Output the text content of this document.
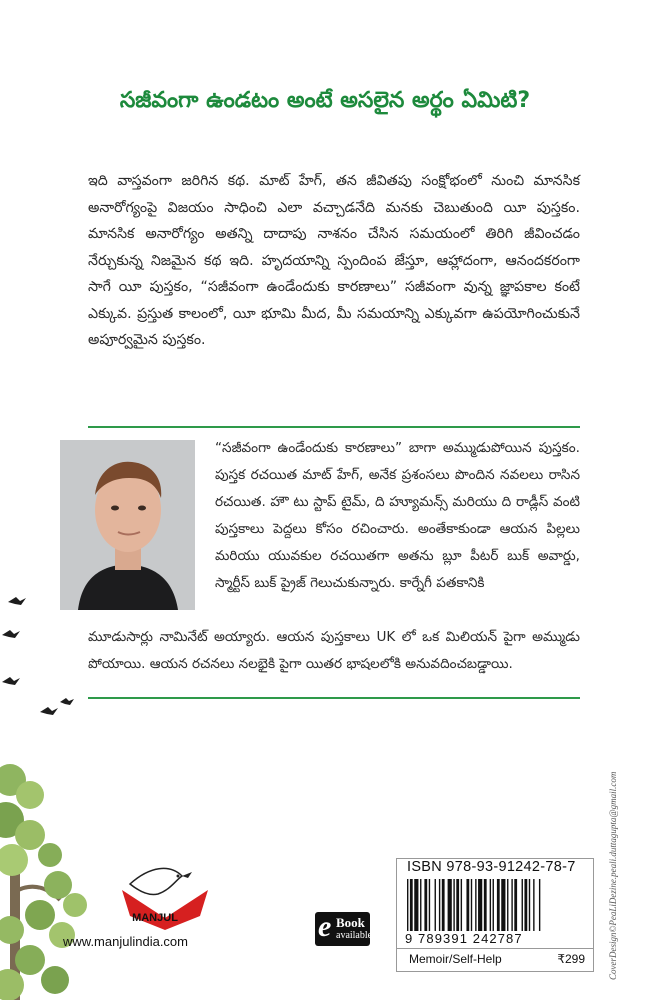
సజీవంగా ఉండటం అంటే అసలైన అర్థం ఏమిటి?
ఇది వాస్తవంగా జరిగిన కథ. మాట్ హేగ్, తన జీవితపు సంక్షోభంలో నుంచి మానసిక అనారోగ్యంపై విజయం సాధించి ఎలా వచ్చాడనేది మనకు చెబుతుంది యీ పుస్తకం. మానసిక అనారోగ్యం అతన్ని దాదాపు నాశనం చేసిన సమయంలో తిరిగి జీవించడం నేర్చుకున్న నిజమైన కథ ఇది. హృదయాన్ని స్పందింప జేస్తూ, ఆహ్లాదంగా, ఆనందకరంగా సాగే యీ పుస్తకం, “సజీవంగా ఉండేందుకు కారణాలు” సజీవంగా వున్న జ్ఞాపకాల కంటే ఎక్కువ. ప్రస్తుత కాలంలో, యీ భూమి మీద, మీ సమయాన్ని ఎక్కువగా ఉపయోగించుకునే అపూర్వమైన పుస్తకం.
“సజీవంగా ఉండేందుకు కారణాలు” బాగా అమ్ముడుపోయిన పుస్తకం. పుస్తక రచయిత మాట్ హేగ్, అనేక ప్రశంసలు పొందిన నవలలు రాసిన రచయిత. హౌ టు స్టాప్ టైమ్, ది హ్యూమన్స్ మరియు ది రాడ్లీస్ వంటి పుస్తకాలు పెద్దలు కోసం రచించారు. అంతేకాకుండా ఆయన పిల్లలు మరియు యువకుల రచయితగా అతను బ్లూ పీటర్ బుక్ అవార్డు, స్మార్టీస్ బుక్ ప్రైజ్ గెలుచుకున్నారు. కార్నేగీ పతకానికి
మూడుసార్లు నామినేట్ అయ్యారు. ఆయన పుస్తకాలు UK లో ఒక మిలియన్ పైగా అమ్ముడు పోయాయి. ఆయన రచనలు నలభైకి పైగా యితర భాషలలోకి అనువదించబడ్డాయి.
MANJUL
www.manjulindia.com	e Book
available
ISBN 978-93-91242-78-7
9 789391 242787
Memoir/Self-Help	₹299	CoverDesign©PeaLiDezine.peali.duttagupta@gmail.com
